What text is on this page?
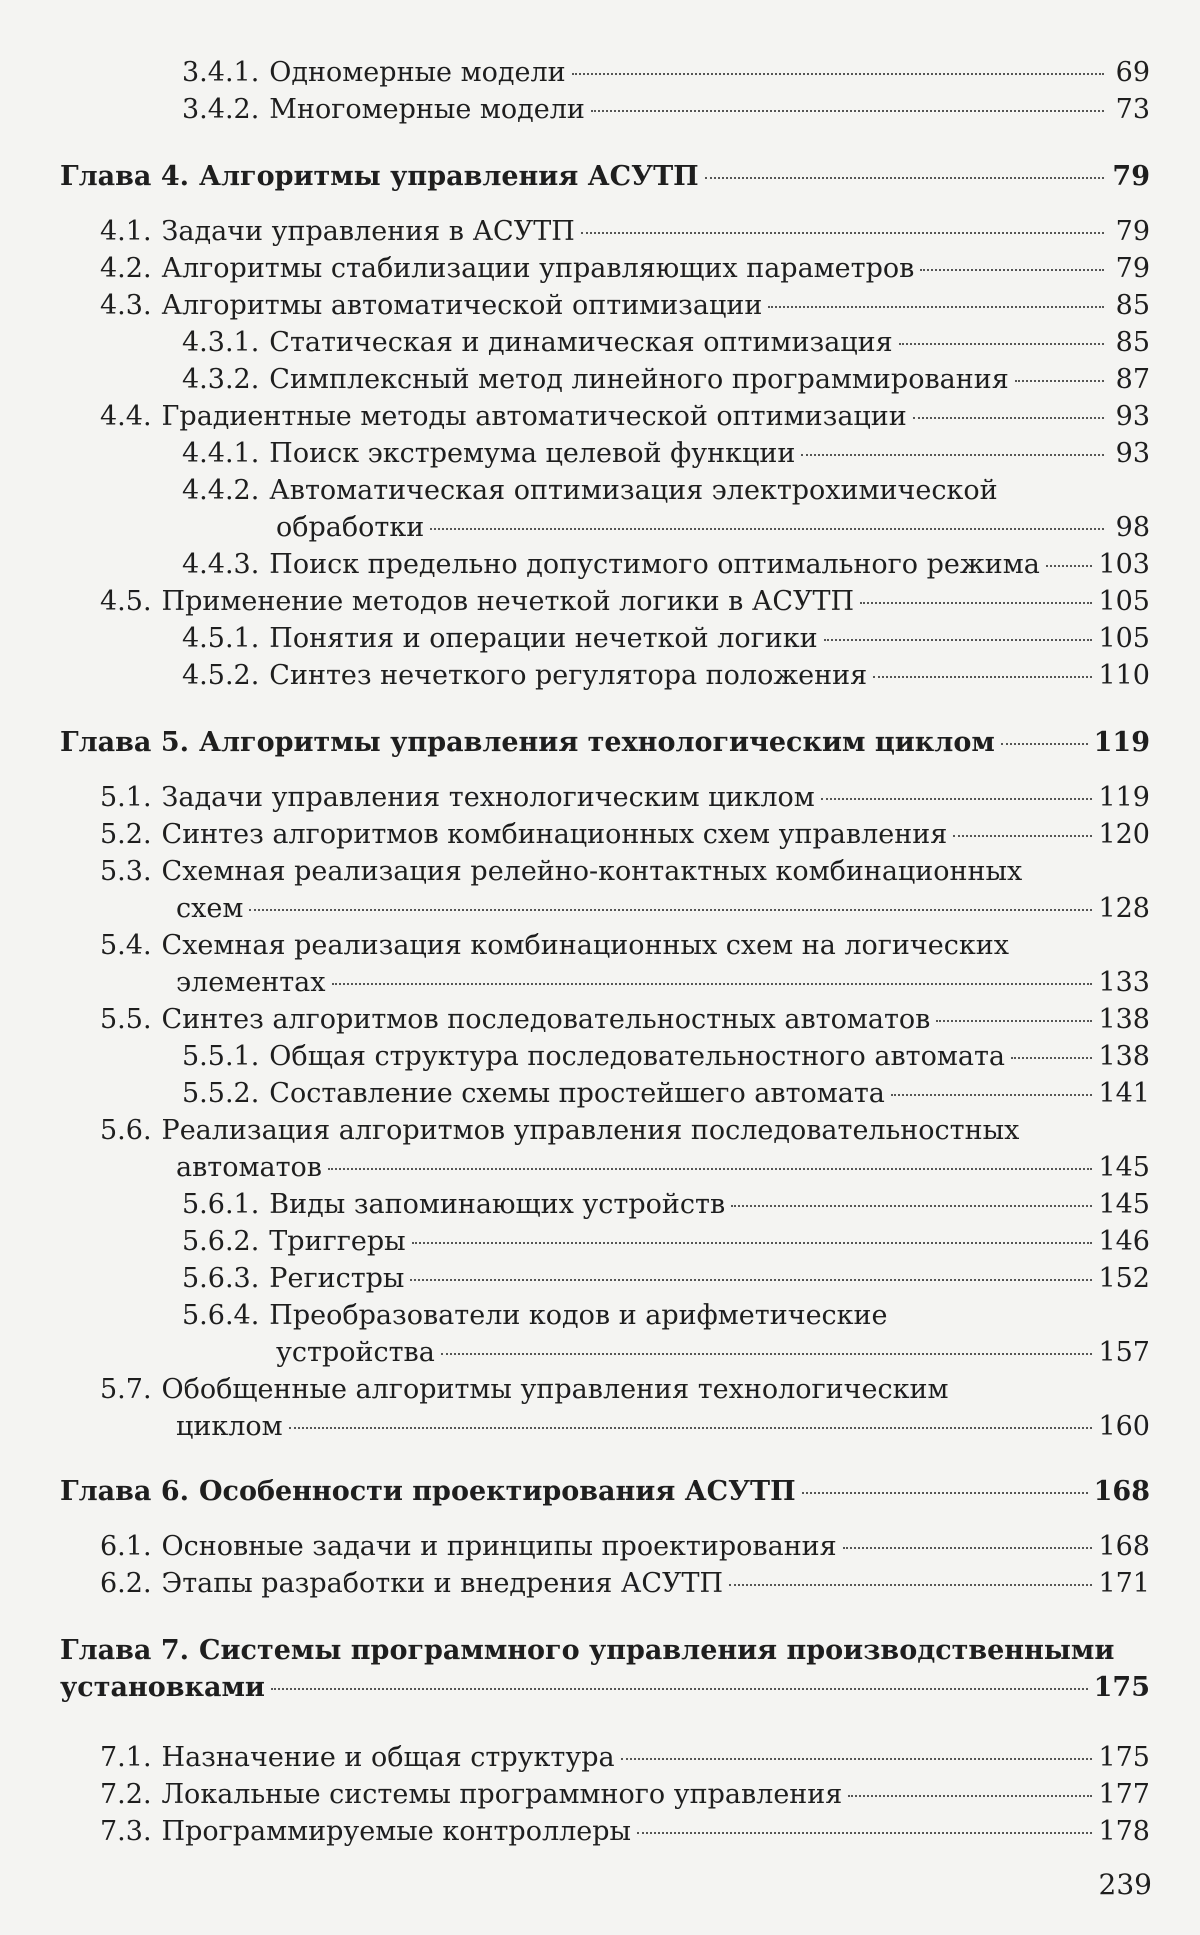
3.4.1. Одномерные модели	69
3.4.2. Многомерные модели	73
Глава 4. Алгоритмы управления АСУТП	79
4.1. Задачи управления в АСУТП	79
4.2. Алгоритмы стабилизации управляющих параметров	79
4.3. Алгоритмы автоматической оптимизации	85
4.3.1. Статическая и динамическая оптимизация	85
4.3.2. Симплексный метод линейного программирования	87
4.4. Градиентные методы автоматической оптимизации	93
4.4.1. Поиск экстремума целевой функции	93
4.4.2. Автоматическая оптимизация электрохимической
обработки	98
4.4.3. Поиск предельно допустимого оптимального режима 103
4.5. Применение методов нечеткой логики в АСУТП	105
4.5.1. Понятия и операции нечеткой логики	105
4.5.2. Синтез нечеткого регулятора положения	110
Глава 5. Алгоритмы управления технологическим циклом	119
5.1. Задачи управления технологическим циклом	119
5.2. Синтез алгоритмов комбинационных схем управления	120
5.3. Схемная реализация релейно-контактных комбинационных
схем	128
5.4. Схемная реализация комбинационных схем на логических
элементах	133
5.5. Синтез алгоритмов последовательностных автоматов	138
5.5.1. Общая структура последовательностного автомата	138
5.5.2. Составление схемы простейшего автомата	141
5.6. Реализация алгоритмов управления последовательностных
автоматов	145
5.6.1. Виды запоминающих устройств	145
5.6.2. Триггеры	146
5.6.3. Регистры	152
5.6.4. Преобразователи кодов и арифметические
устройства	157
5.7. Обобщенные алгоритмы управления технологическим
циклом	160
Глава 6. Особенности проектирования АСУТП	168
6.1. Основные задачи и принципы проектирования	168
6.2. Этапы разработки и внедрения АСУТП	171
Глава 7. Системы программного управления производственными
установками	175
7.1. Назначение и общая структура	175
7.2. Локальные системы программного управления	177
7.3. Программируемые контроллеры	178
239
